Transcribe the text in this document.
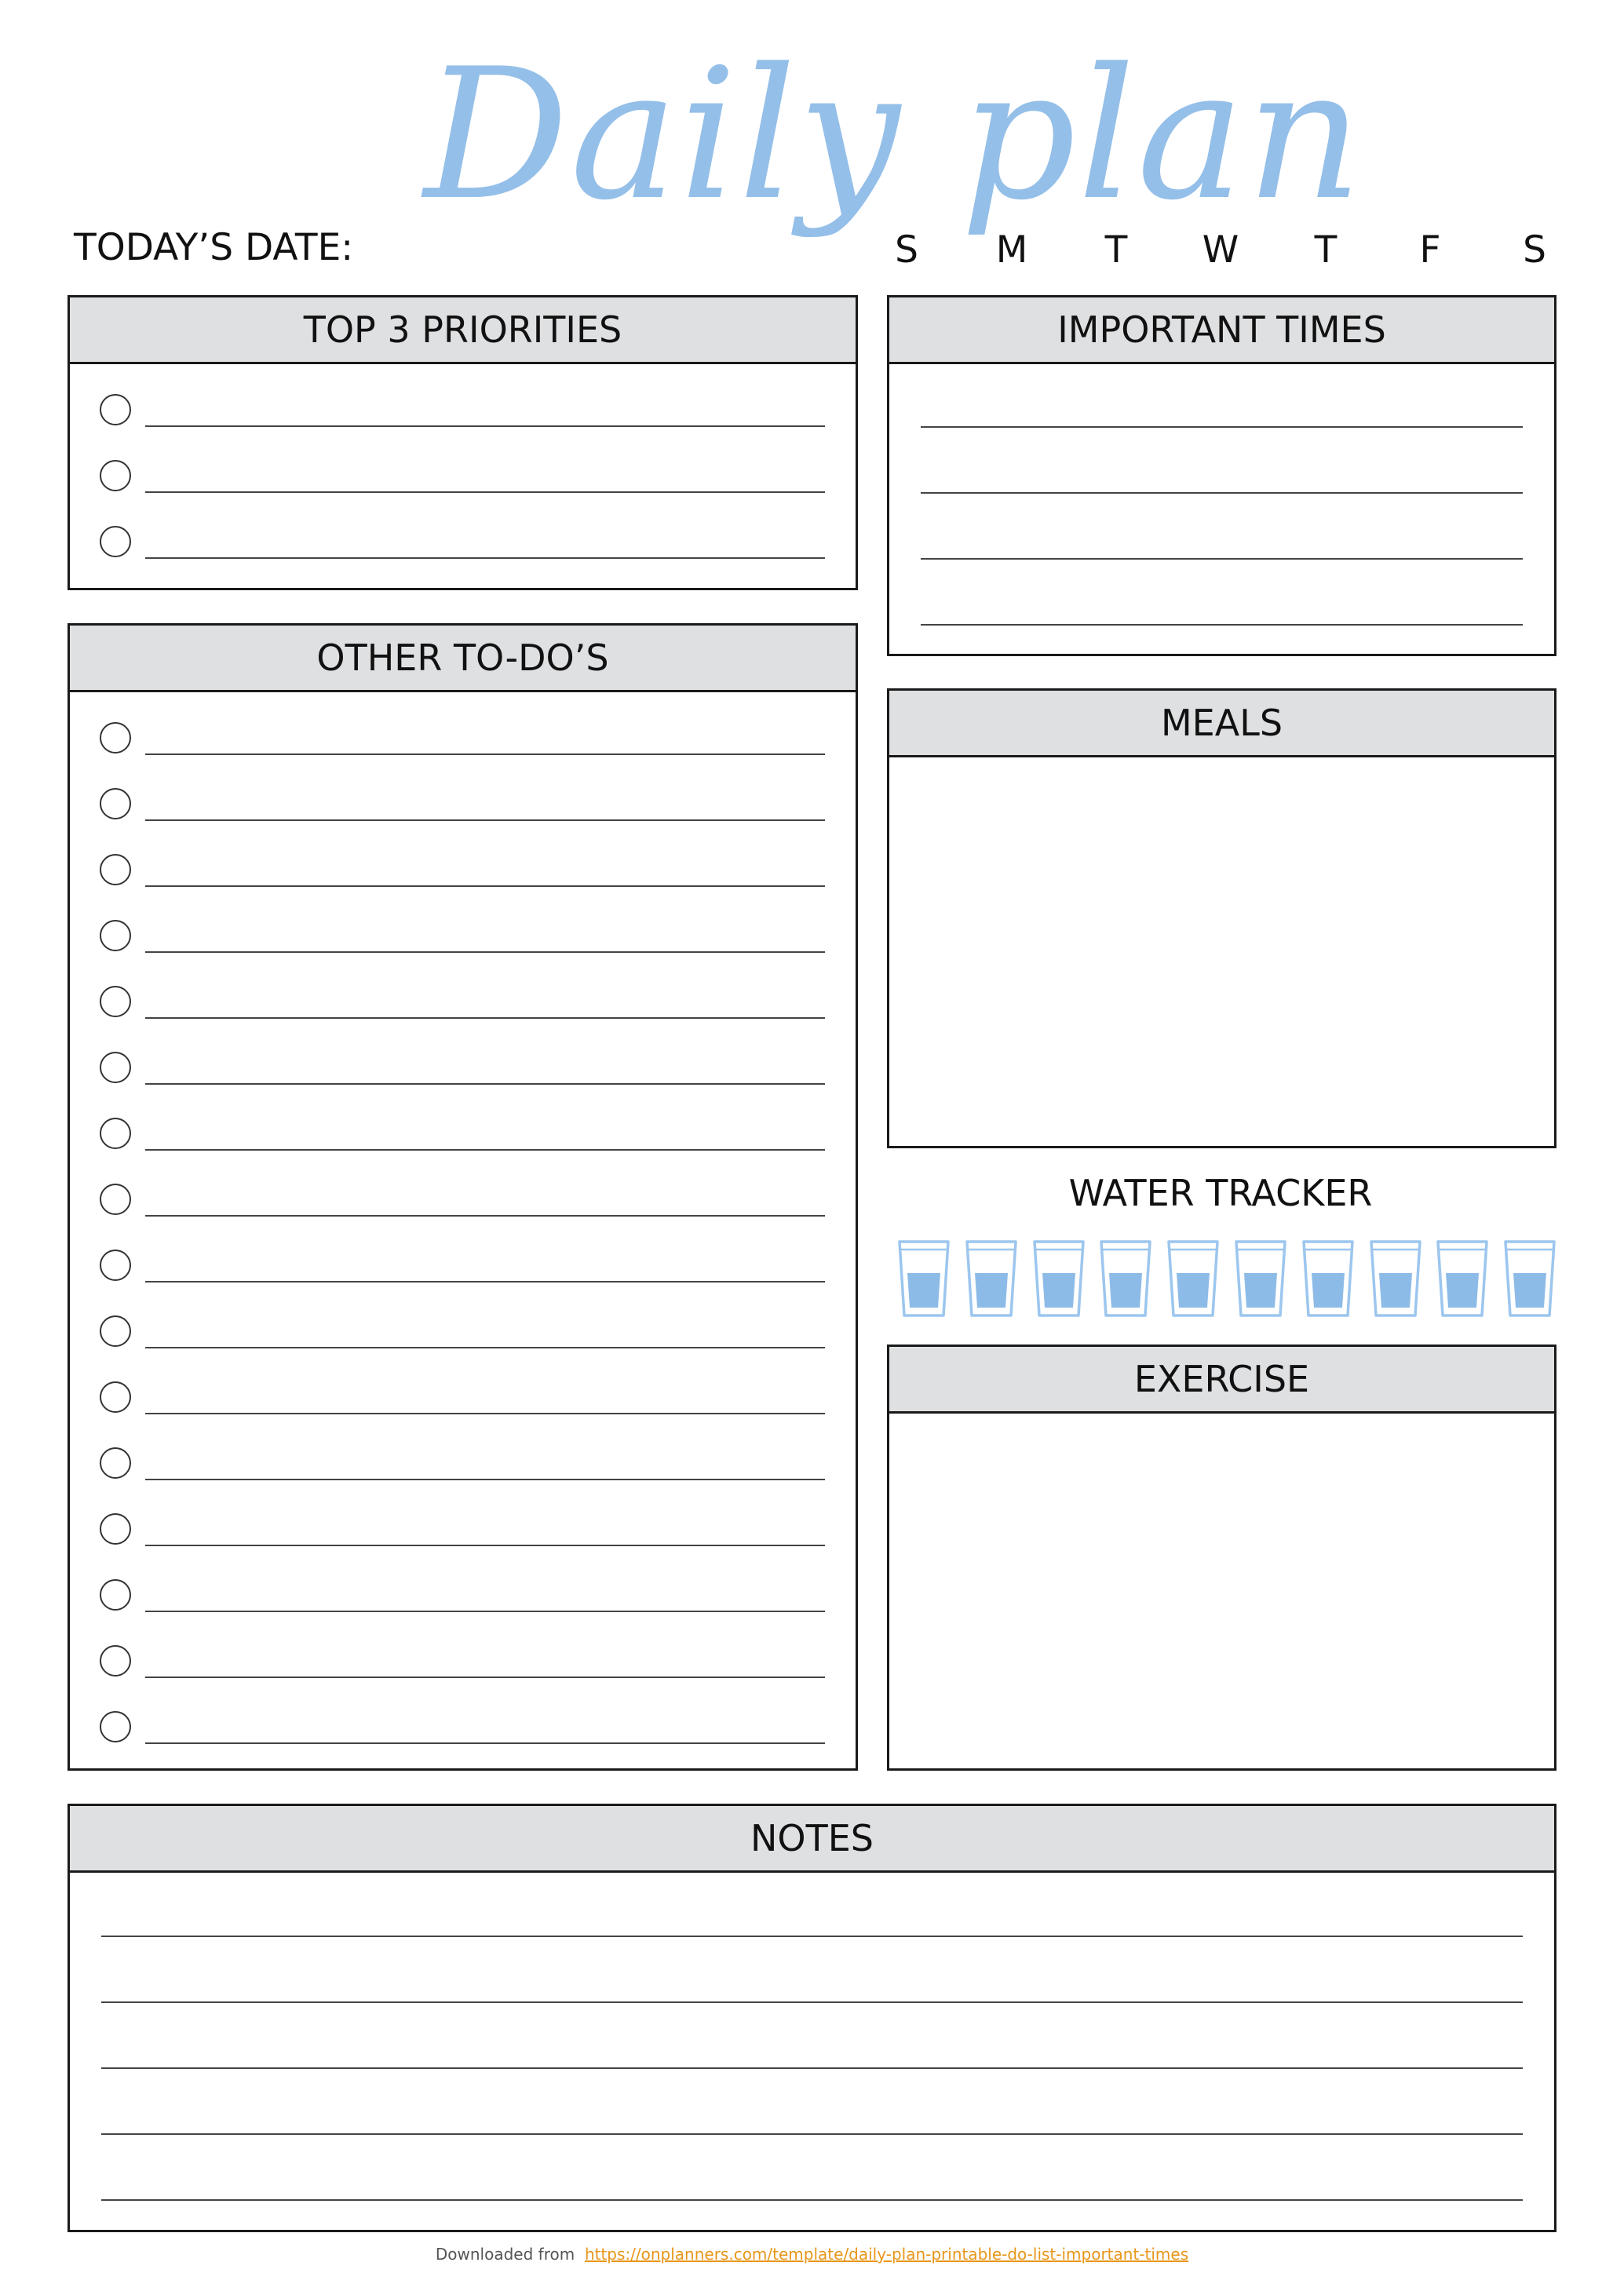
Daily plan
TODAY’S DATE:	S	M	T	W	T	F	S
TOP 3 PRIORITIES
OTHER TO-DO’S
IMPORTANT TIMES
MEALS
WATER TRACKER
EXERCISE
NOTES
Downloaded from https://onplanners.com/template/daily-plan-printable-do-list-important-times
